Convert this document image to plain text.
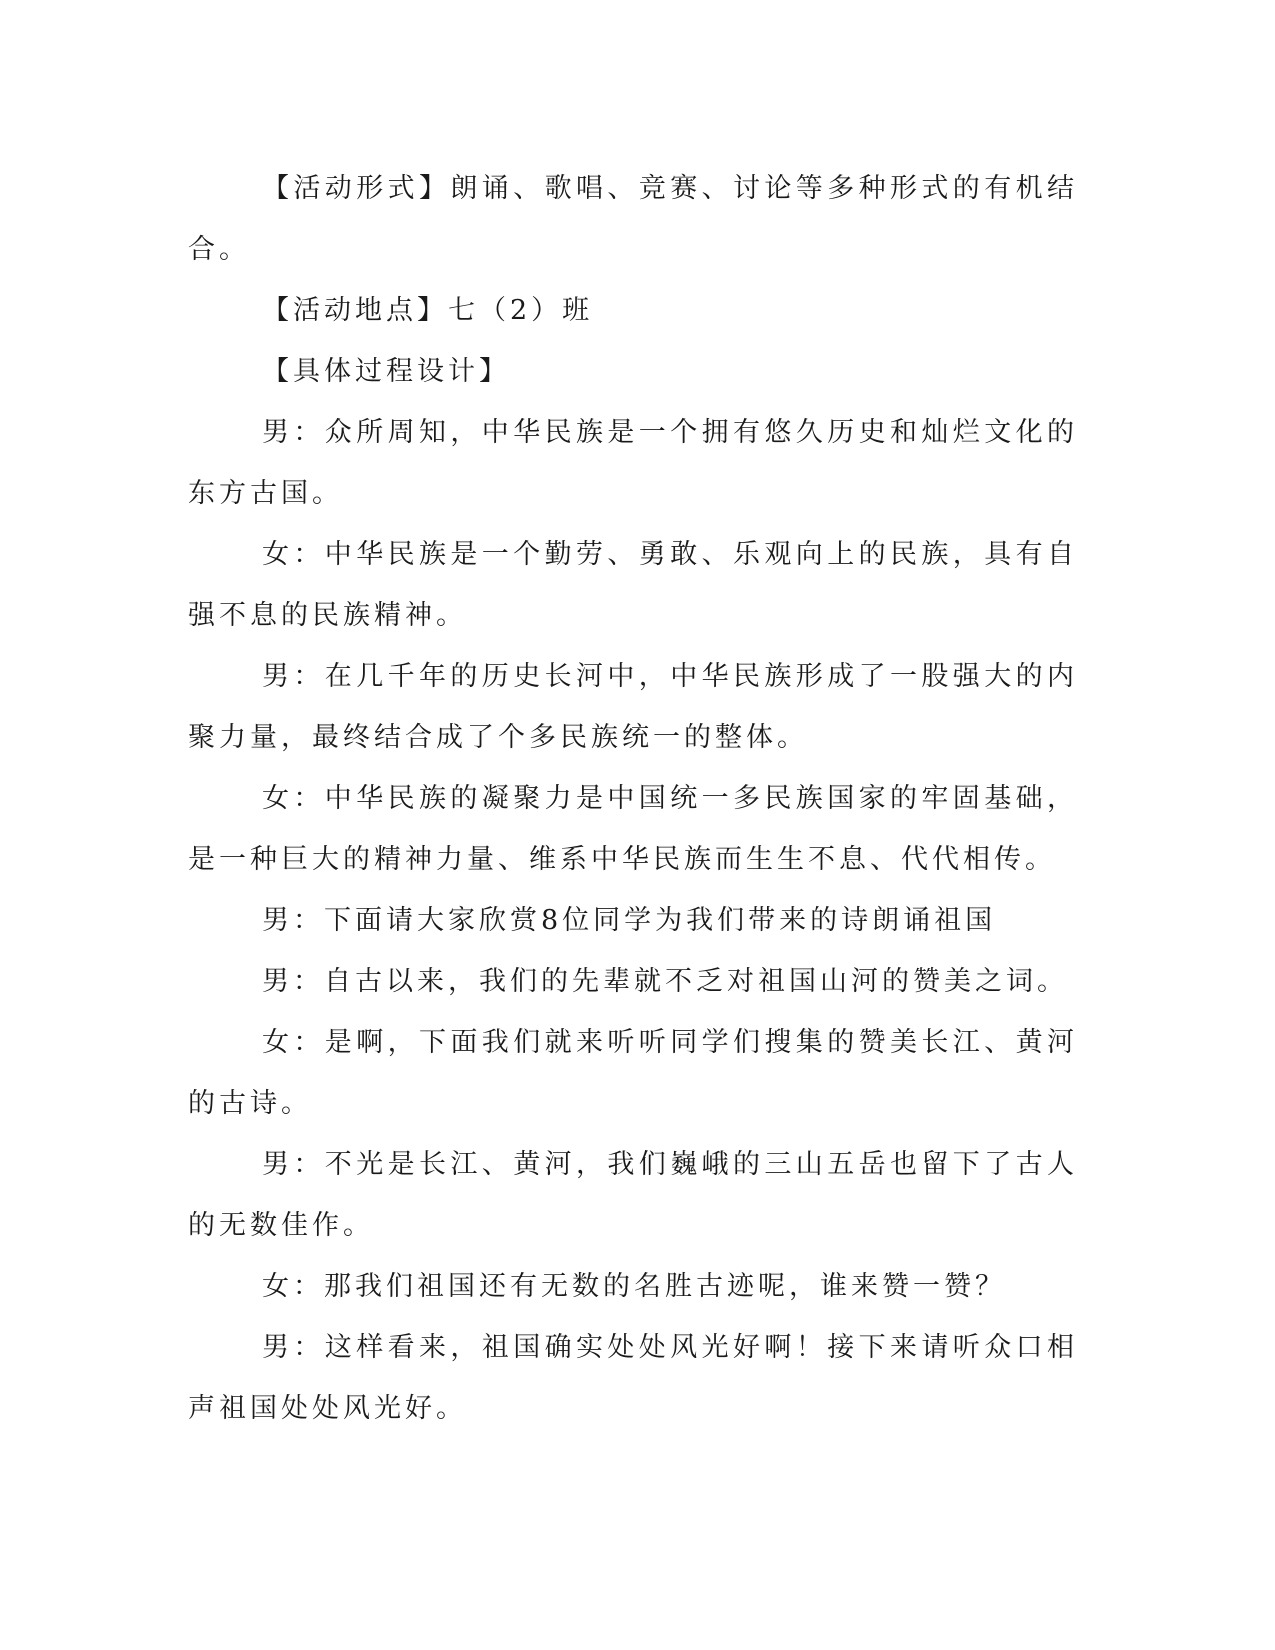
【活动形式】朗诵、歌唱、竞赛、讨论等多种形式的有机结合。

【活动地点】七（2）班

【具体过程设计】

男：众所周知，中华民族是一个拥有悠久历史和灿烂文化的东方古国。

女：中华民族是一个勤劳、勇敢、乐观向上的民族，具有自强不息的民族精神。

男：在几千年的历史长河中，中华民族形成了一股强大的内聚力量，最终结合成了个多民族统一的整体。

女：中华民族的凝聚力是中国统一多民族国家的牢固基础，是一种巨大的精神力量、维系中华民族而生生不息、代代相传。

男：下面请大家欣赏8位同学为我们带来的诗朗诵祖国

男：自古以来，我们的先辈就不乏对祖国山河的赞美之词。

女：是啊，下面我们就来听听同学们搜集的赞美长江、黄河的古诗。

男：不光是长江、黄河，我们巍峨的三山五岳也留下了古人的无数佳作。

女：那我们祖国还有无数的名胜古迹呢，谁来赞一赞？

男：这样看来，祖国确实处处风光好啊！接下来请听众口相声祖国处处风光好。
